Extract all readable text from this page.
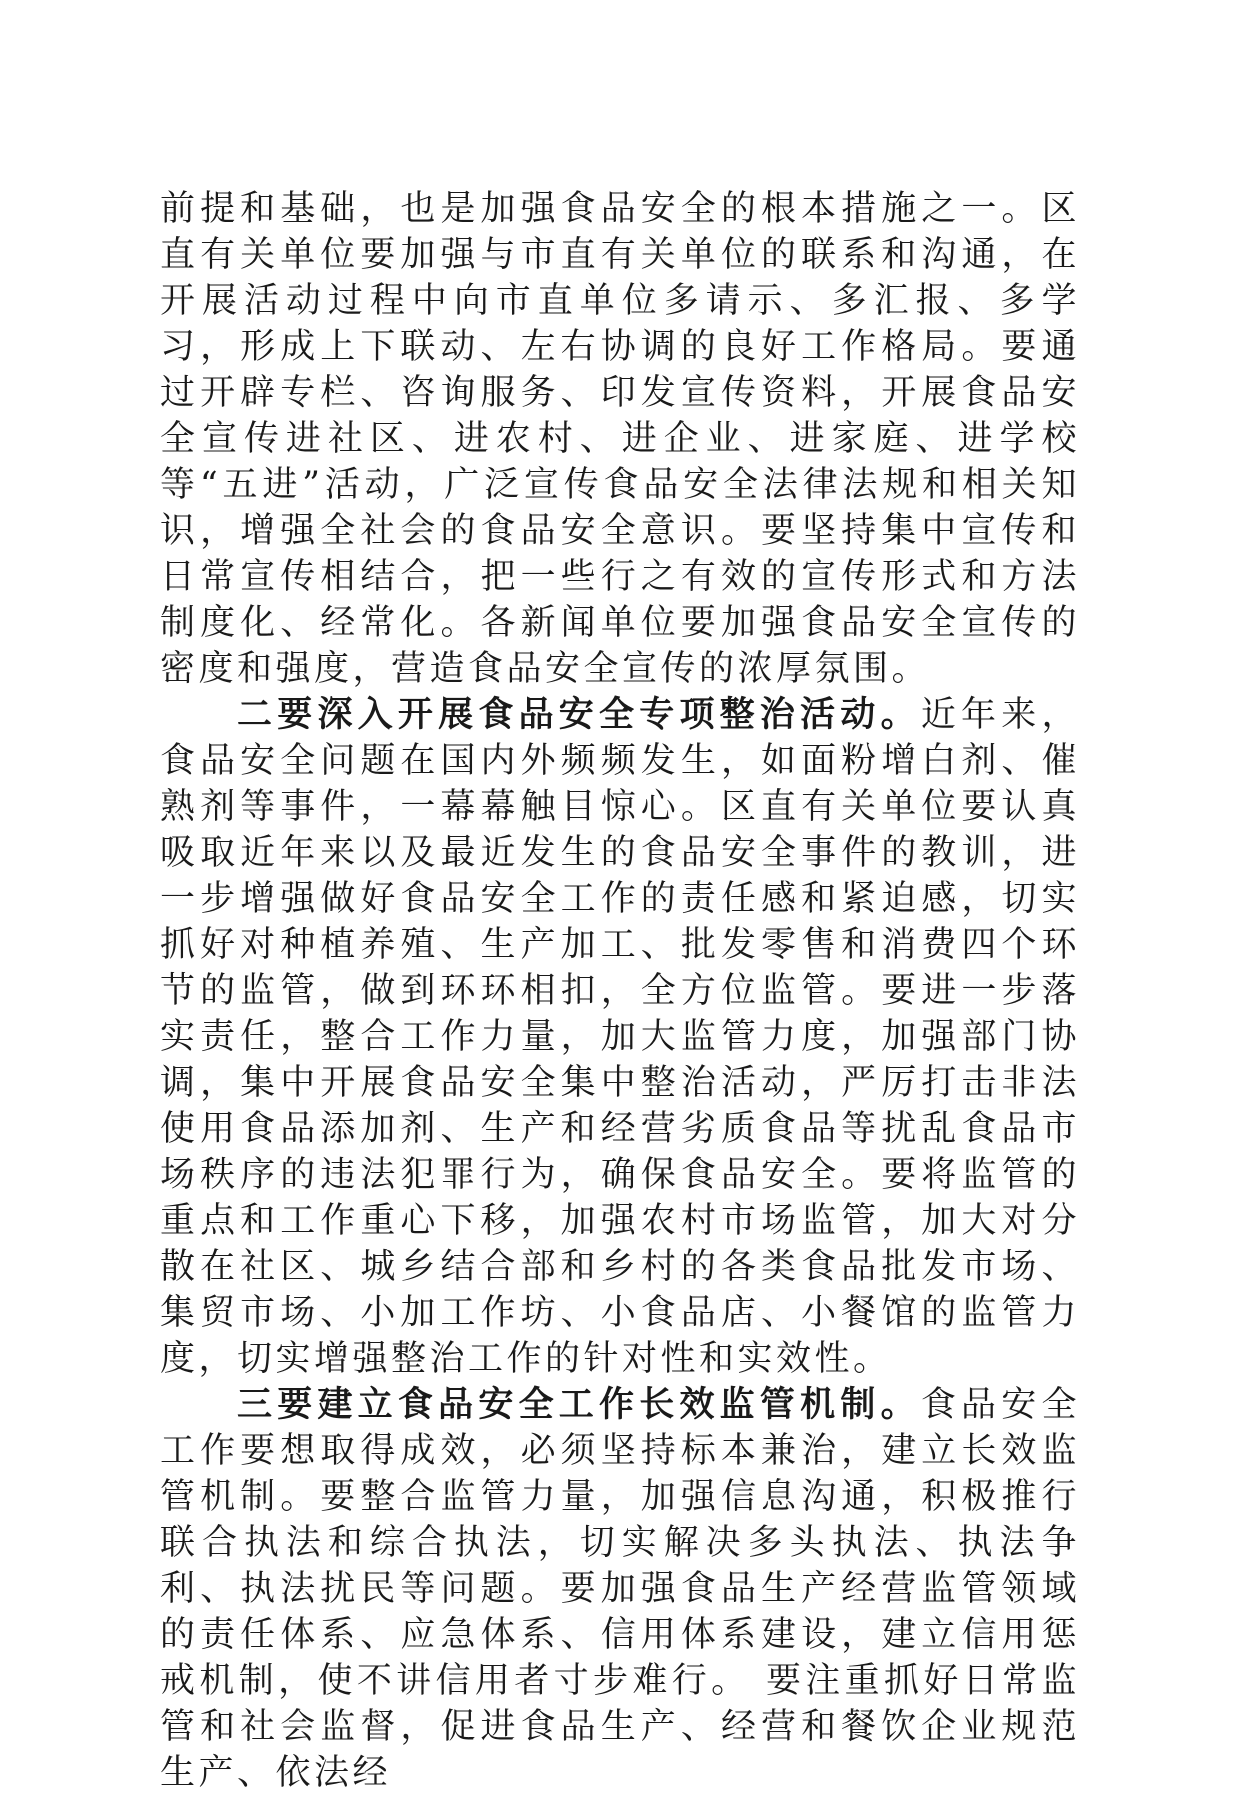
前提和基础，也是加强食品安全的根本措施之一。区直有关单位要加强与市直有关单位的联系和沟通，在开展活动过程中向市直单位多请示、多汇报、多学习，形成上下联动、左右协调的良好工作格局。要通过开辟专栏、咨询服务、印发宣传资料，开展食品安全宣传进社区、进农村、进企业、进家庭、进学校等“五进”活动，广泛宣传食品安全法律法规和相关知识，增强全社会的食品安全意识。要坚持集中宣传和日常宣传相结合，把一些行之有效的宣传形式和方法制度化、经常化。各新闻单位要加强食品安全宣传的密度和强度，营造食品安全宣传的浓厚氛围。

二要深入开展食品安全专项整治活动。近年来，食品安全问题在国内外频频发生，如面粉增白剂、催熟剂等事件，一幕幕触目惊心。区直有关单位要认真吸取近年来以及最近发生的食品安全事件的教训，进一步增强做好食品安全工作的责任感和紧迫感，切实抓好对种植养殖、生产加工、批发零售和消费四个环节的监管，做到环环相扣，全方位监管。要进一步落实责任，整合工作力量，加大监管力度，加强部门协调，集中开展食品安全集中整治活动，严厉打击非法使用食品添加剂、生产和经营劣质食品等扰乱食品市场秩序的违法犯罪行为，确保食品安全。要将监管的重点和工作重心下移，加强农村市场监管，加大对分散在社区、城乡结合部和乡村的各类食品批发市场、集贸市场、小加工作坊、小食品店、小餐馆的监管力度，切实增强整治工作的针对性和实效性。

三要建立食品安全工作长效监管机制。食品安全工作要想取得成效，必须坚持标本兼治，建立长效监管机制。要整合监管力量，加强信息沟通，积极推行联合执法和综合执法，切实解决多头执法、执法争利、执法扰民等问题。要加强食品生产经营监管领域的责任体系、应急体系、信用体系建设，建立信用惩戒机制，使不讲信用者寸步难行。 要注重抓好日常监管和社会监督，促进食品生产、经营和餐饮企业规范生产、依法经
